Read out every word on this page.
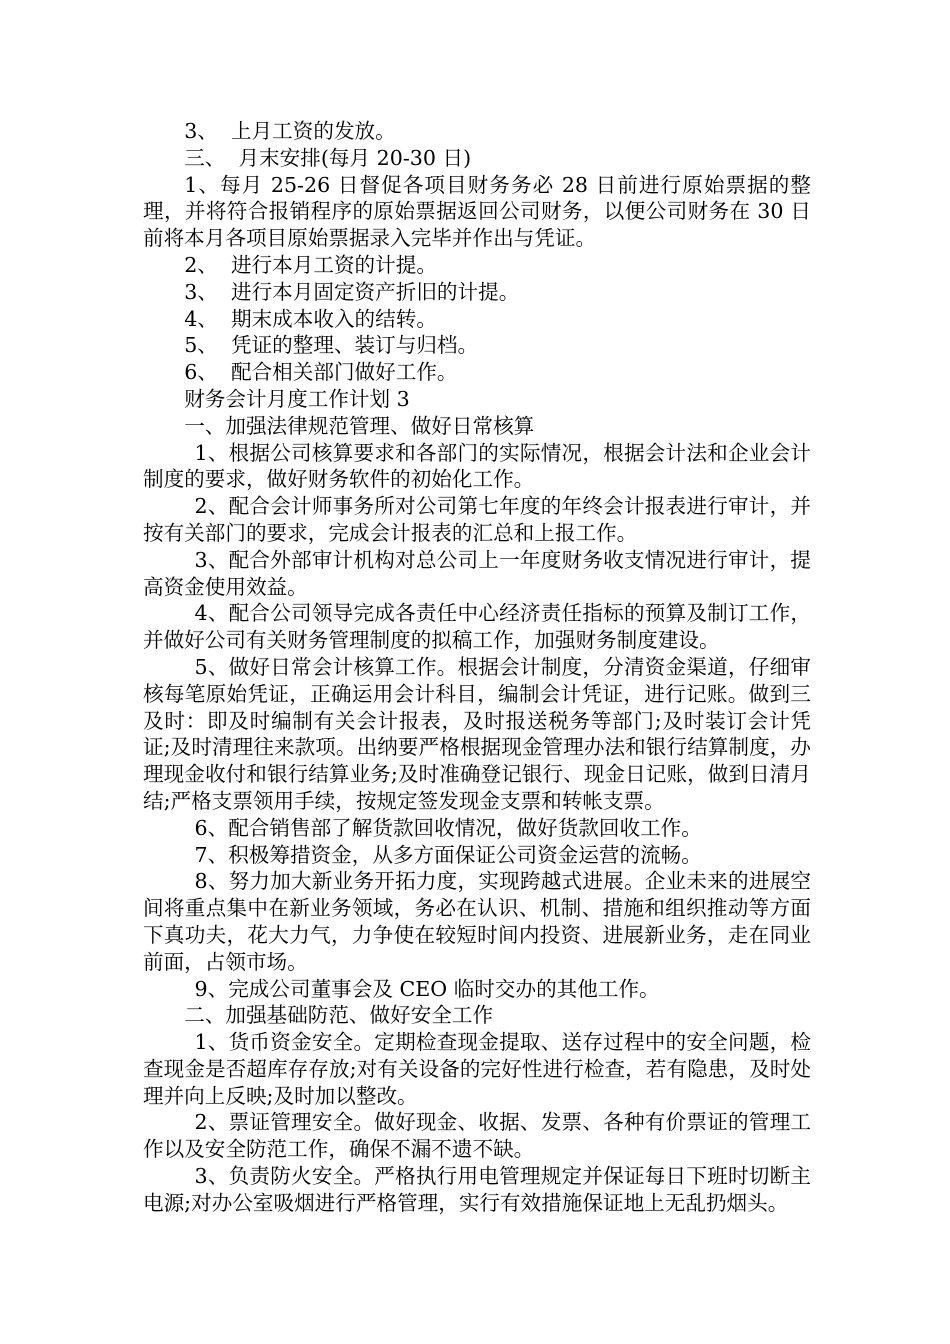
3、  上月工资的发放。

三、  月末安排(每月 20-30 日)

1、每月 25-26 日督促各项目财务务必 28 日前进行原始票据的整理，并将符合报销程序的原始票据返回公司财务，以便公司财务在 30 日前将本月各项目原始票据录入完毕并作出与凭证。

2、  进行本月工资的计提。

3、  进行本月固定资产折旧的计提。

4、  期末成本收入的结转。

5、  凭证的整理、装订与归档。

6、  配合相关部门做好工作。

财务会计月度工作计划 3

一、加强法律规范管理、做好日常核算

1、根据公司核算要求和各部门的实际情况，根据会计法和企业会计制度的要求，做好财务软件的初始化工作。

2、配合会计师事务所对公司第七年度的年终会计报表进行审计，并按有关部门的要求，完成会计报表的汇总和上报工作。

3、配合外部审计机构对总公司上一年度财务收支情况进行审计，提高资金使用效益。

4、配合公司领导完成各责任中心经济责任指标的预算及制订工作，并做好公司有关财务管理制度的拟稿工作，加强财务制度建设。

5、做好日常会计核算工作。根据会计制度，分清资金渠道，仔细审核每笔原始凭证，正确运用会计科目，编制会计凭证，进行记账。做到三及时：即及时编制有关会计报表，及时报送税务等部门;及时装订会计凭证;及时清理往来款项。出纳要严格根据现金管理办法和银行结算制度，办理现金收付和银行结算业务;及时准确登记银行、现金日记账，做到日清月结;严格支票领用手续，按规定签发现金支票和转帐支票。

6、配合销售部了解货款回收情况，做好货款回收工作。

7、积极筹措资金，从多方面保证公司资金运营的流畅。

8、努力加大新业务开拓力度，实现跨越式进展。企业未来的进展空间将重点集中在新业务领域，务必在认识、机制、措施和组织推动等方面下真功夫，花大力气，力争使在较短时间内投资、进展新业务，走在同业前面，占领市场。

9、完成公司董事会及 CEO 临时交办的其他工作。

二、加强基础防范、做好安全工作

1、货币资金安全。定期检查现金提取、送存过程中的安全问题，检查现金是否超库存存放;对有关设备的完好性进行检查，若有隐患，及时处理并向上反映;及时加以整改。

2、票证管理安全。做好现金、收据、发票、各种有价票证的管理工作以及安全防范工作，确保不漏不遗不缺。

3、负责防火安全。严格执行用电管理规定并保证每日下班时切断主电源;对办公室吸烟进行严格管理，实行有效措施保证地上无乱扔烟头。
